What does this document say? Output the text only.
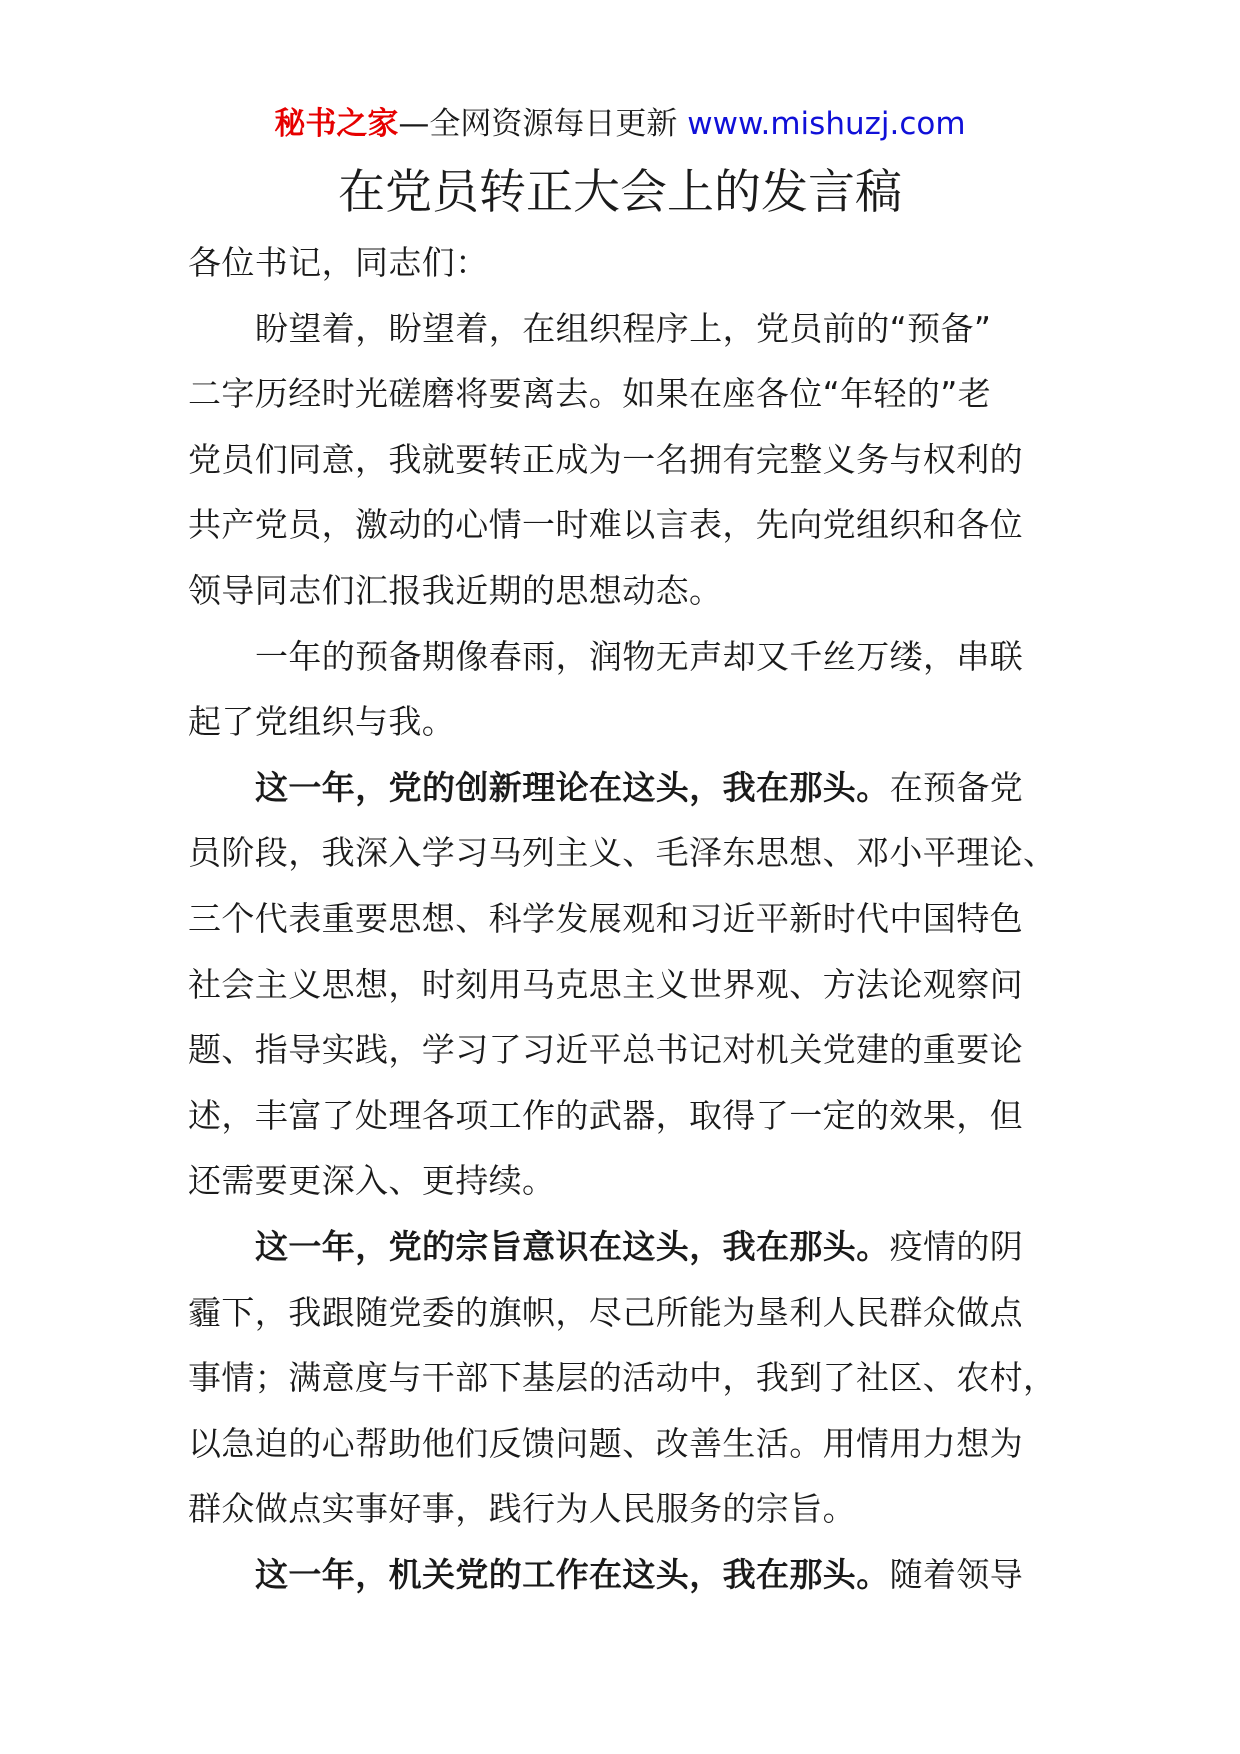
秘书之家—全网资源每日更新 www.mishuzj.com
在党员转正大会上的发言稿
各位书记，同志们：
盼望着，盼望着，在组织程序上，党员前的“预备”
二字历经时光磋磨将要离去。如果在座各位“年轻的”老
党员们同意，我就要转正成为一名拥有完整义务与权利的
共产党员，激动的心情一时难以言表，先向党组织和各位
领导同志们汇报我近期的思想动态。
一年的预备期像春雨，润物无声却又千丝万缕，串联
起了党组织与我。
这一年，党的创新理论在这头，我在那头。在预备党
员阶段，我深入学习马列主义、毛泽东思想、邓小平理论、
三个代表重要思想、科学发展观和习近平新时代中国特色
社会主义思想，时刻用马克思主义世界观、方法论观察问
题、指导实践，学习了习近平总书记对机关党建的重要论
述，丰富了处理各项工作的武器，取得了一定的效果，但
还需要更深入、更持续。
这一年，党的宗旨意识在这头，我在那头。疫情的阴
霾下，我跟随党委的旗帜，尽己所能为垦利人民群众做点
事情；满意度与干部下基层的活动中，我到了社区、农村，
以急迫的心帮助他们反馈问题、改善生活。用情用力想为
群众做点实事好事，践行为人民服务的宗旨。
这一年，机关党的工作在这头，我在那头。随着领导
